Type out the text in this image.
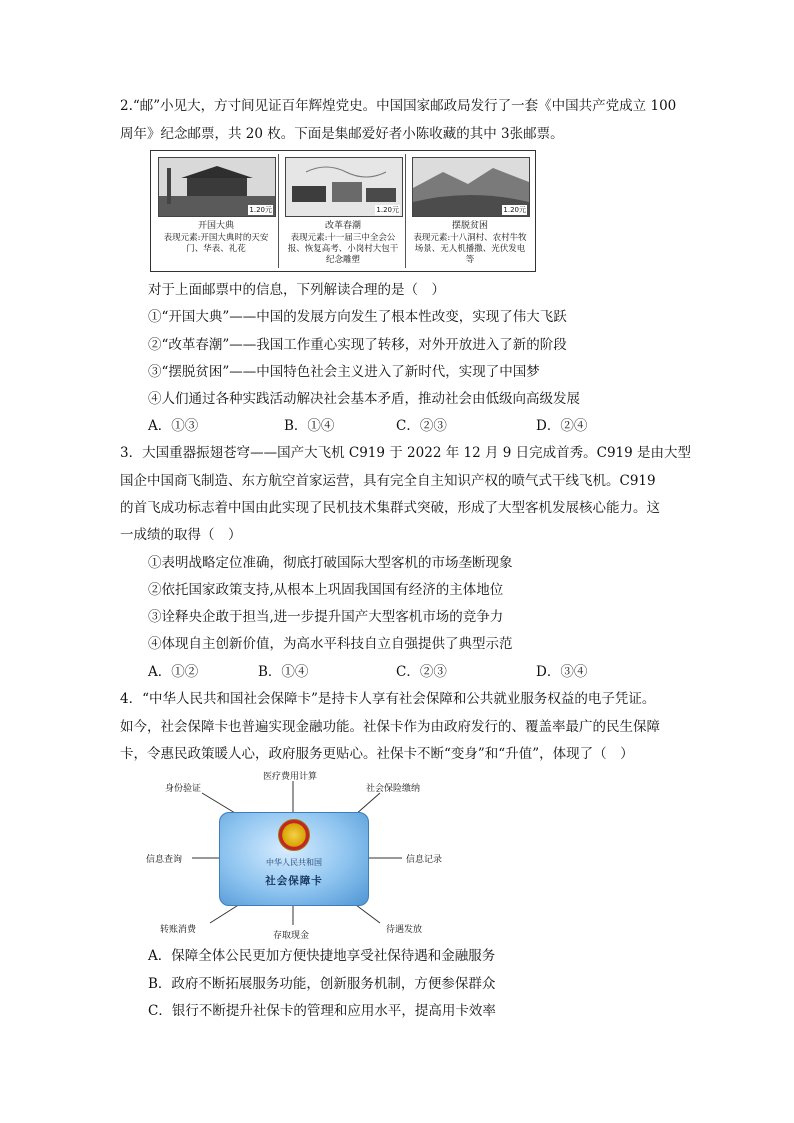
2.“邮”小见大，方寸间见证百年辉煌党史。中国国家邮政局发行了一套《中国共产党成立 100
周年》纪念邮票，共 20 枚。下面是集邮爱好者小陈收藏的其中 3张邮票。
1.20元
开国大典
表现元素:开国大典时的天安门、华表、礼花
1.20元
改革春潮
表现元素:十一届三中全会公报、恢复高考、小岗村大包干纪念雕塑
1.20元
摆脱贫困
表现元素:十八洞村、农村牛牧场景、无人机播撒、光伏发电等
对于上面邮票中的信息，下列解读合理的是（　）
①“开国大典”——中国的发展方向发生了根本性改变，实现了伟大飞跃
②“改革春潮”——我国工作重心实现了转移，对外开放进入了新的阶段
③“摆脱贫困”——中国特色社会主义进入了新时代，实现了中国梦
④人们通过各种实践活动解决社会基本矛盾，推动社会由低级向高级发展
A．①③	B．①④	C．②③	D．②④
3．大国重器振翅苍穹——国产大飞机 C919 于 2022 年 12 月 9 日完成首秀。C919 是由大型
国企中国商飞制造、东方航空首家运营，具有完全自主知识产权的喷气式干线飞机。C919
的首飞成功标志着中国由此实现了民机技术集群式突破，形成了大型客机发展核心能力。这
一成绩的取得（　）
①表明战略定位准确，彻底打破国际大型客机的市场垄断现象
②依托国家政策支持,从根本上巩固我国国有经济的主体地位
③诠释央企敢于担当,进一步提升国产大型客机市场的竞争力
④体现自主创新价值，为高水平科技自立自强提供了典型示范
A．①②	B．①④	C．②③	D．③④
4．“中华人民共和国社会保障卡”是持卡人享有社会保障和公共就业服务权益的电子凭证。
如今，社会保障卡也普遍实现金融功能。社保卡作为由政府发行的、覆盖率最广的民生保障
卡，令惠民政策暖人心，政府服务更贴心。社保卡不断“变身”和“升值”，体现了（　）
中华人民共和国
社会保障卡
身份验证
医疗费用计算
社会保险缴纳
信息查询	信息记录
转账消费
存取现金
待遇发放
A．保障全体公民更加方便快捷地享受社保待遇和金融服务
B．政府不断拓展服务功能，创新服务机制，方便参保群众
C．银行不断提升社保卡的管理和应用水平，提高用卡效率
